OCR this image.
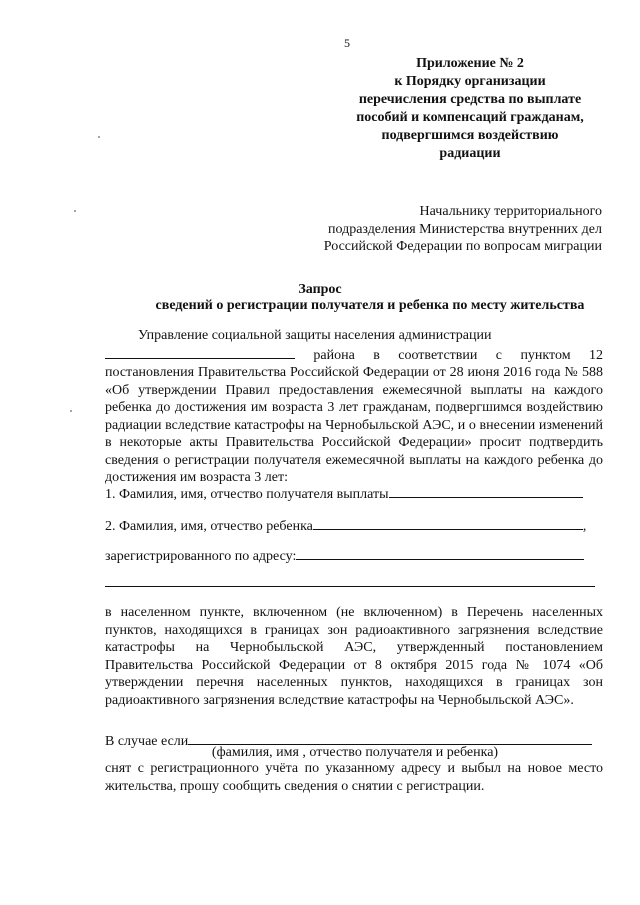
5
Приложение № 2
к Порядку организации
перечисления средства по выплате
пособий и компенсаций гражданам,
подвергшимся воздействию
радиации
Начальнику территориального
подразделения Министерства внутренних дел
Российской Федерации по вопросам миграции
Запрос
сведений о регистрации получателя и ребенка по месту жительства
Управление социальной защиты населения администрации
района в соответствии с пунктом 12 постановления Правительства Российской Федерации от 28 июня 2016 года № 588 «Об утверждении Правил предоставления ежемесячной выплаты на каждого ребенка до достижения им возраста 3 лет гражданам, подвергшимся воздействию радиации вследствие катастрофы на Чернобыльской АЭС, и о внесении изменений в некоторые акты Правительства Российской Федерации» просит подтвердить сведения о регистрации получателя ежемесячной выплаты на каждого ребенка до достижения им возраста 3 лет:
1. Фамилия, имя, отчество получателя выплаты
2. Фамилия, имя, отчество ребенка	,
зарегистрированного по адресу:
в населенном пункте, включенном (не включенном) в Перечень населенных пунктов, находящихся в границах зон радиоактивного загрязнения вследствие катастрофы на Чернобыльской АЭС, утвержденный постановлением Правительства Российской Федерации от 8 октября 2015 года № 1074 «Об утверждении перечня населенных пунктов, находящихся в границах зон радиоактивного загрязнения вследствие катастрофы на Чернобыльской АЭС».
В случае если
(фамилия, имя , отчество получателя и ребенка)
снят с регистрационного учёта по указанному адресу и выбыл на новое место жительства, прошу сообщить сведения о снятии с регистрации.
